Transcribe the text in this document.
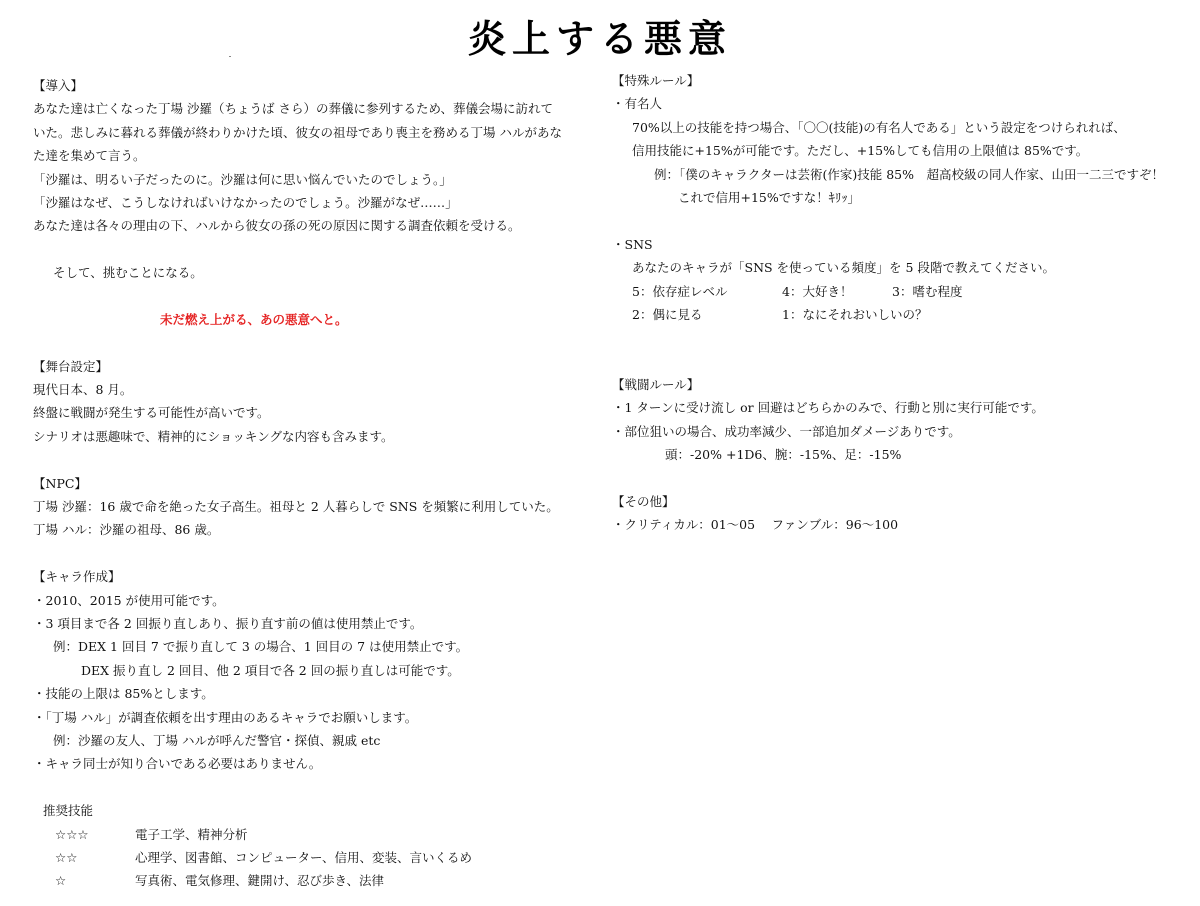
炎上する悪意
【導入】
あなた達は亡くなった丁場 沙羅（ちょうば さら）の葬儀に参列するため、葬儀会場に訪れて
いた。悲しみに暮れる葬儀が終わりかけた頃、彼女の祖母であり喪主を務める丁場 ハルがあな
た達を集めて言う。
「沙羅は、明るい子だったのに。沙羅は何に思い悩んでいたのでしょう。」
「沙羅はなぜ、こうしなければいけなかったのでしょう。沙羅がなぜ……」
あなた達は各々の理由の下、ハルから彼女の孫の死の原因に関する調査依頼を受ける。
そして、挑むことになる。
未だ燃え上がる、あの悪意へと。
【舞台設定】
現代日本、8 月。
終盤に戦闘が発生する可能性が高いです。
シナリオは悪趣味で、精神的にショッキングな内容も含みます。
【NPC】
丁場 沙羅：16 歳で命を絶った女子高生。祖母と 2 人暮らしで SNS を頻繁に利用していた。
丁場 ハル：沙羅の祖母、86 歳。
【キャラ作成】
・2010、2015 が使用可能です。
・3 項目まで各 2 回振り直しあり、振り直す前の値は使用禁止です。
例：DEX 1 回目 7 で振り直して 3 の場合、1 回目の 7 は使用禁止です。
DEX 振り直し 2 回目、他 2 項目で各 2 回の振り直しは可能です。
・技能の上限は 85%とします。
・「丁場 ハル」が調査依頼を出す理由のあるキャラでお願いします。
例：沙羅の友人、丁場 ハルが呼んだ警官・探偵、親戚 etc
・キャラ同士が知り合いである必要はありません。
推奨技能
☆☆☆	電子工学、精神分析
☆☆	心理学、図書館、コンピューター、信用、変装、言いくるめ
☆	写真術、電気修理、鍵開け、忍び歩き、法律
【特殊ルール】
・有名人
70%以上の技能を持つ場合、「〇〇(技能)の有名人である」という設定をつけられれば、
信用技能に+15%が可能です。ただし、+15%しても信用の上限値は 85%です。
例：「僕のキャラクターは芸術(作家)技能 85%　超高校級の同人作家、山田一二三ですぞ！
これで信用+15%ですな！ｷﾘｯ」
・SNS
あなたのキャラが「SNS を使っている頻度」を 5 段階で教えてください。
5：依存症レベル	4：大好き！	3：嗜む程度
2：偶に見る	1：なにそれおいしいの？
【戦闘ルール】
・1 ターンに受け流し or 回避はどちらかのみで、行動と別に実行可能です。
・部位狙いの場合、成功率減少、一部追加ダメージありです。
頭：-20% +1D6、腕：-15%、足：-15%
【その他】
・クリティカル：01～05　 ファンブル：96～100
